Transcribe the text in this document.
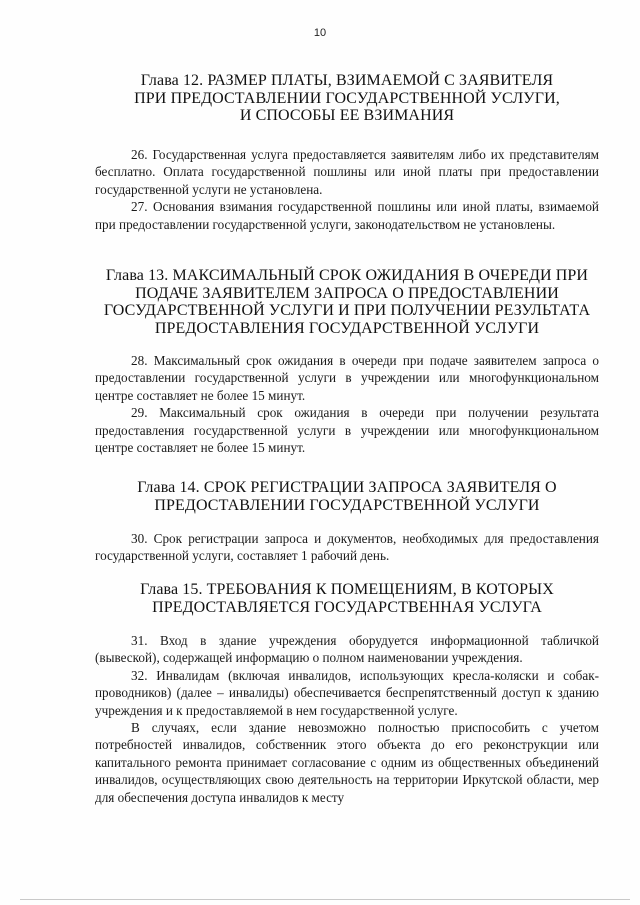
10

Глава 12. РАЗМЕР ПЛАТЫ, ВЗИМАЕМОЙ С ЗАЯВИТЕЛЯ

ПРИ ПРЕДОСТАВЛЕНИИ ГОСУДАРСТВЕННОЙ УСЛУГИ,

И СПОСОБЫ ЕЕ ВЗИМАНИЯ

26. Государственная услуга предоставляется заявителям либо их представителям бесплатно. Оплата государственной пошлины или иной платы при предоставлении государственной услуги не установлена.

27. Основания взимания государственной пошлины или иной платы, взимаемой при предоставлении государственной услуги, законодательством не установлены.

Глава 13. МАКСИМАЛЬНЫЙ СРОК ОЖИДАНИЯ В ОЧЕРЕДИ ПРИ

ПОДАЧЕ ЗАЯВИТЕЛЕМ ЗАПРОСА О ПРЕДОСТАВЛЕНИИ

ГОСУДАРСТВЕННОЙ УСЛУГИ И ПРИ ПОЛУЧЕНИИ РЕЗУЛЬТАТА

ПРЕДОСТАВЛЕНИЯ ГОСУДАРСТВЕННОЙ УСЛУГИ

28. Максимальный срок ожидания в очереди при подаче заявителем запроса о предоставлении государственной услуги в учреждении или многофункциональном центре составляет не более 15 минут.

29. Максимальный срок ожидания в очереди при получении результата предоставления государственной услуги в учреждении или многофункциональном центре составляет не более 15 минут.

Глава 14. СРОК РЕГИСТРАЦИИ ЗАПРОСА ЗАЯВИТЕЛЯ О

ПРЕДОСТАВЛЕНИИ ГОСУДАРСТВЕННОЙ УСЛУГИ

30. Срок регистрации запроса и документов, необходимых для предоставления государственной услуги, составляет 1 рабочий день.

Глава 15. ТРЕБОВАНИЯ К ПОМЕЩЕНИЯМ, В КОТОРЫХ

ПРЕДОСТАВЛЯЕТСЯ ГОСУДАРСТВЕННАЯ УСЛУГА

31. Вход в здание учреждения оборудуется информационной табличкой (вывеской), содержащей информацию о полном наименовании учреждения.

32. Инвалидам (включая инвалидов, использующих кресла-коляски и собак-проводников) (далее – инвалиды) обеспечивается беспрепятственный доступ к зданию учреждения и к предоставляемой в нем государственной услуге.

В случаях, если здание невозможно полностью приспособить с учетом потребностей инвалидов, собственник этого объекта до его реконструкции или капитального ремонта принимает согласование с одним из общественных объединений инвалидов, осуществляющих свою деятельность на территории Иркутской области, мер для обеспечения доступа инвалидов к месту
